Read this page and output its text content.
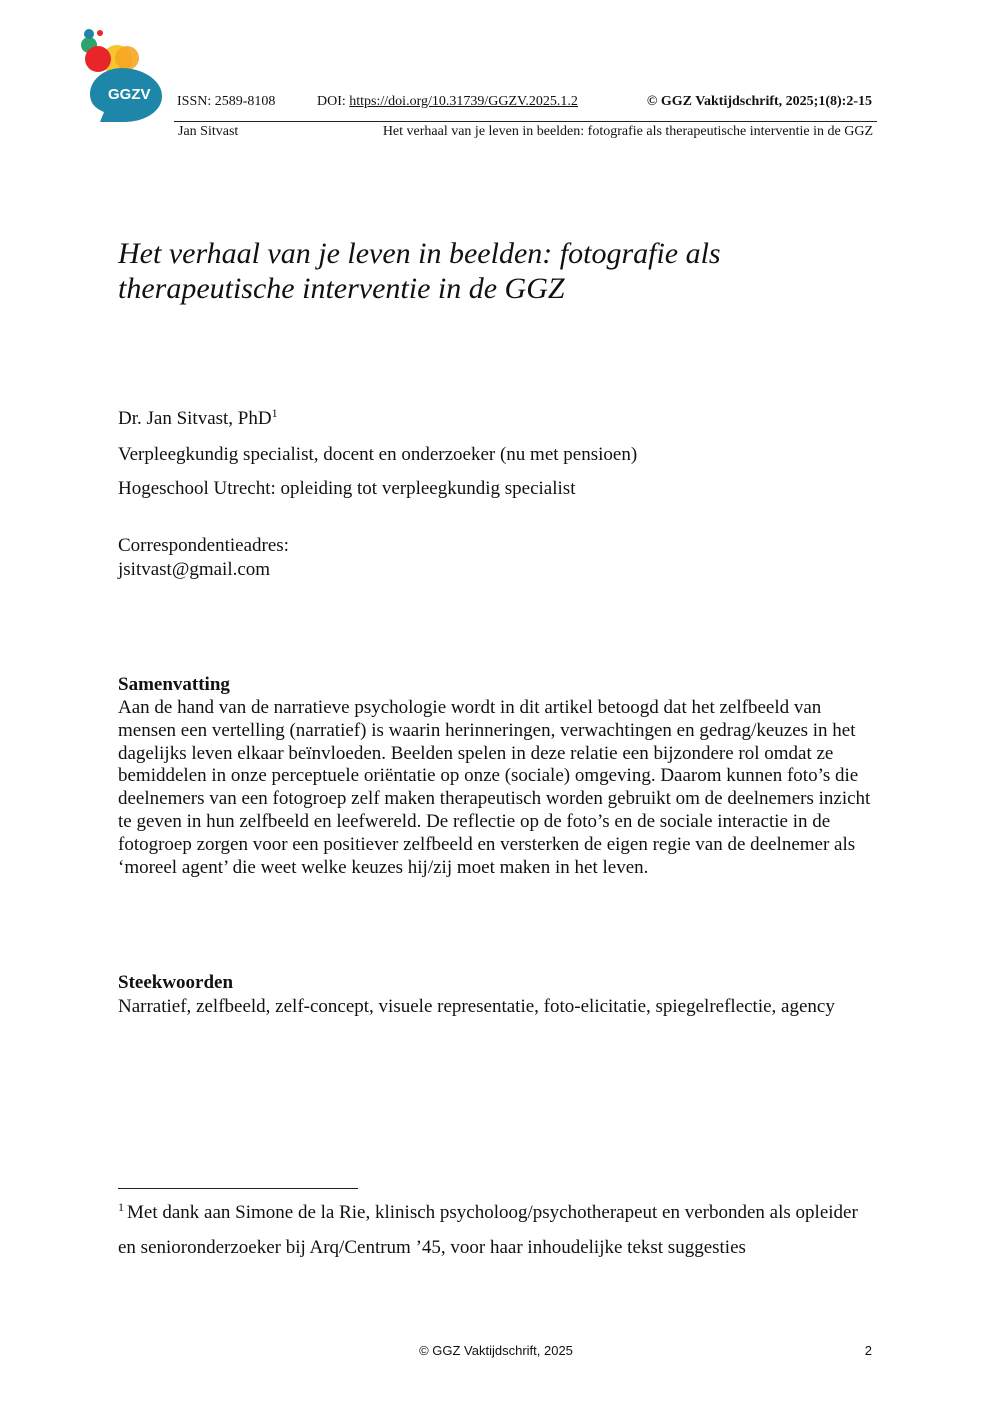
GGZV ISSN: 2589-8108	DOI: https://doi.org/10.31739/GGZV.2025.1.2	© GGZ Vaktijdschrift, 2025;1(8):2-15
Jan Sitvast	Het verhaal van je leven in beelden: fotografie als therapeutische interventie in de GGZ
Het verhaal van je leven in beelden: fotografie als
therapeutische interventie in de GGZ

Dr. Jan Sitvast, PhD$^1$

Verpleegkundig specialist, docent en onderzoeker (nu met pensioen)

Hogeschool Utrecht: opleiding tot verpleegkundig specialist

Correspondentieadres:

jsitvast@gmail.com

Samenvatting

Aan de hand van de narratieve psychologie wordt in dit artikel betoogd dat het zelfbeeld van mensen een vertelling (narratief) is waarin herinneringen, verwachtingen en gedrag/keuzes in het dagelijks leven elkaar beïnvloeden. Beelden spelen in deze relatie een bijzondere rol omdat ze bemiddelen in onze perceptuele oriëntatie op onze (sociale) omgeving. Daarom kunnen foto’s die deelnemers van een fotogroep zelf maken therapeutisch worden gebruikt om de deelnemers inzicht te geven in hun zelfbeeld en leefwereld. De reflectie op de foto’s en de sociale interactie in de fotogroep zorgen voor een positiever zelfbeeld en versterken de eigen regie van de deelnemer als ‘moreel agent’ die weet welke keuzes hij/zij moet maken in het leven.

Steekwoorden

Narratief, zelfbeeld, zelf-concept, visuele representatie, foto-elicitatie, spiegelreflectie, agency

$^1$ Met dank aan Simone de la Rie, klinisch psycholoog/psychotherapeut en verbonden als opleider en senioronderzoeker bij Arq/Centrum ’45, voor haar inhoudelijke tekst suggesties

© GGZ Vaktijdschrift, 2025	2
